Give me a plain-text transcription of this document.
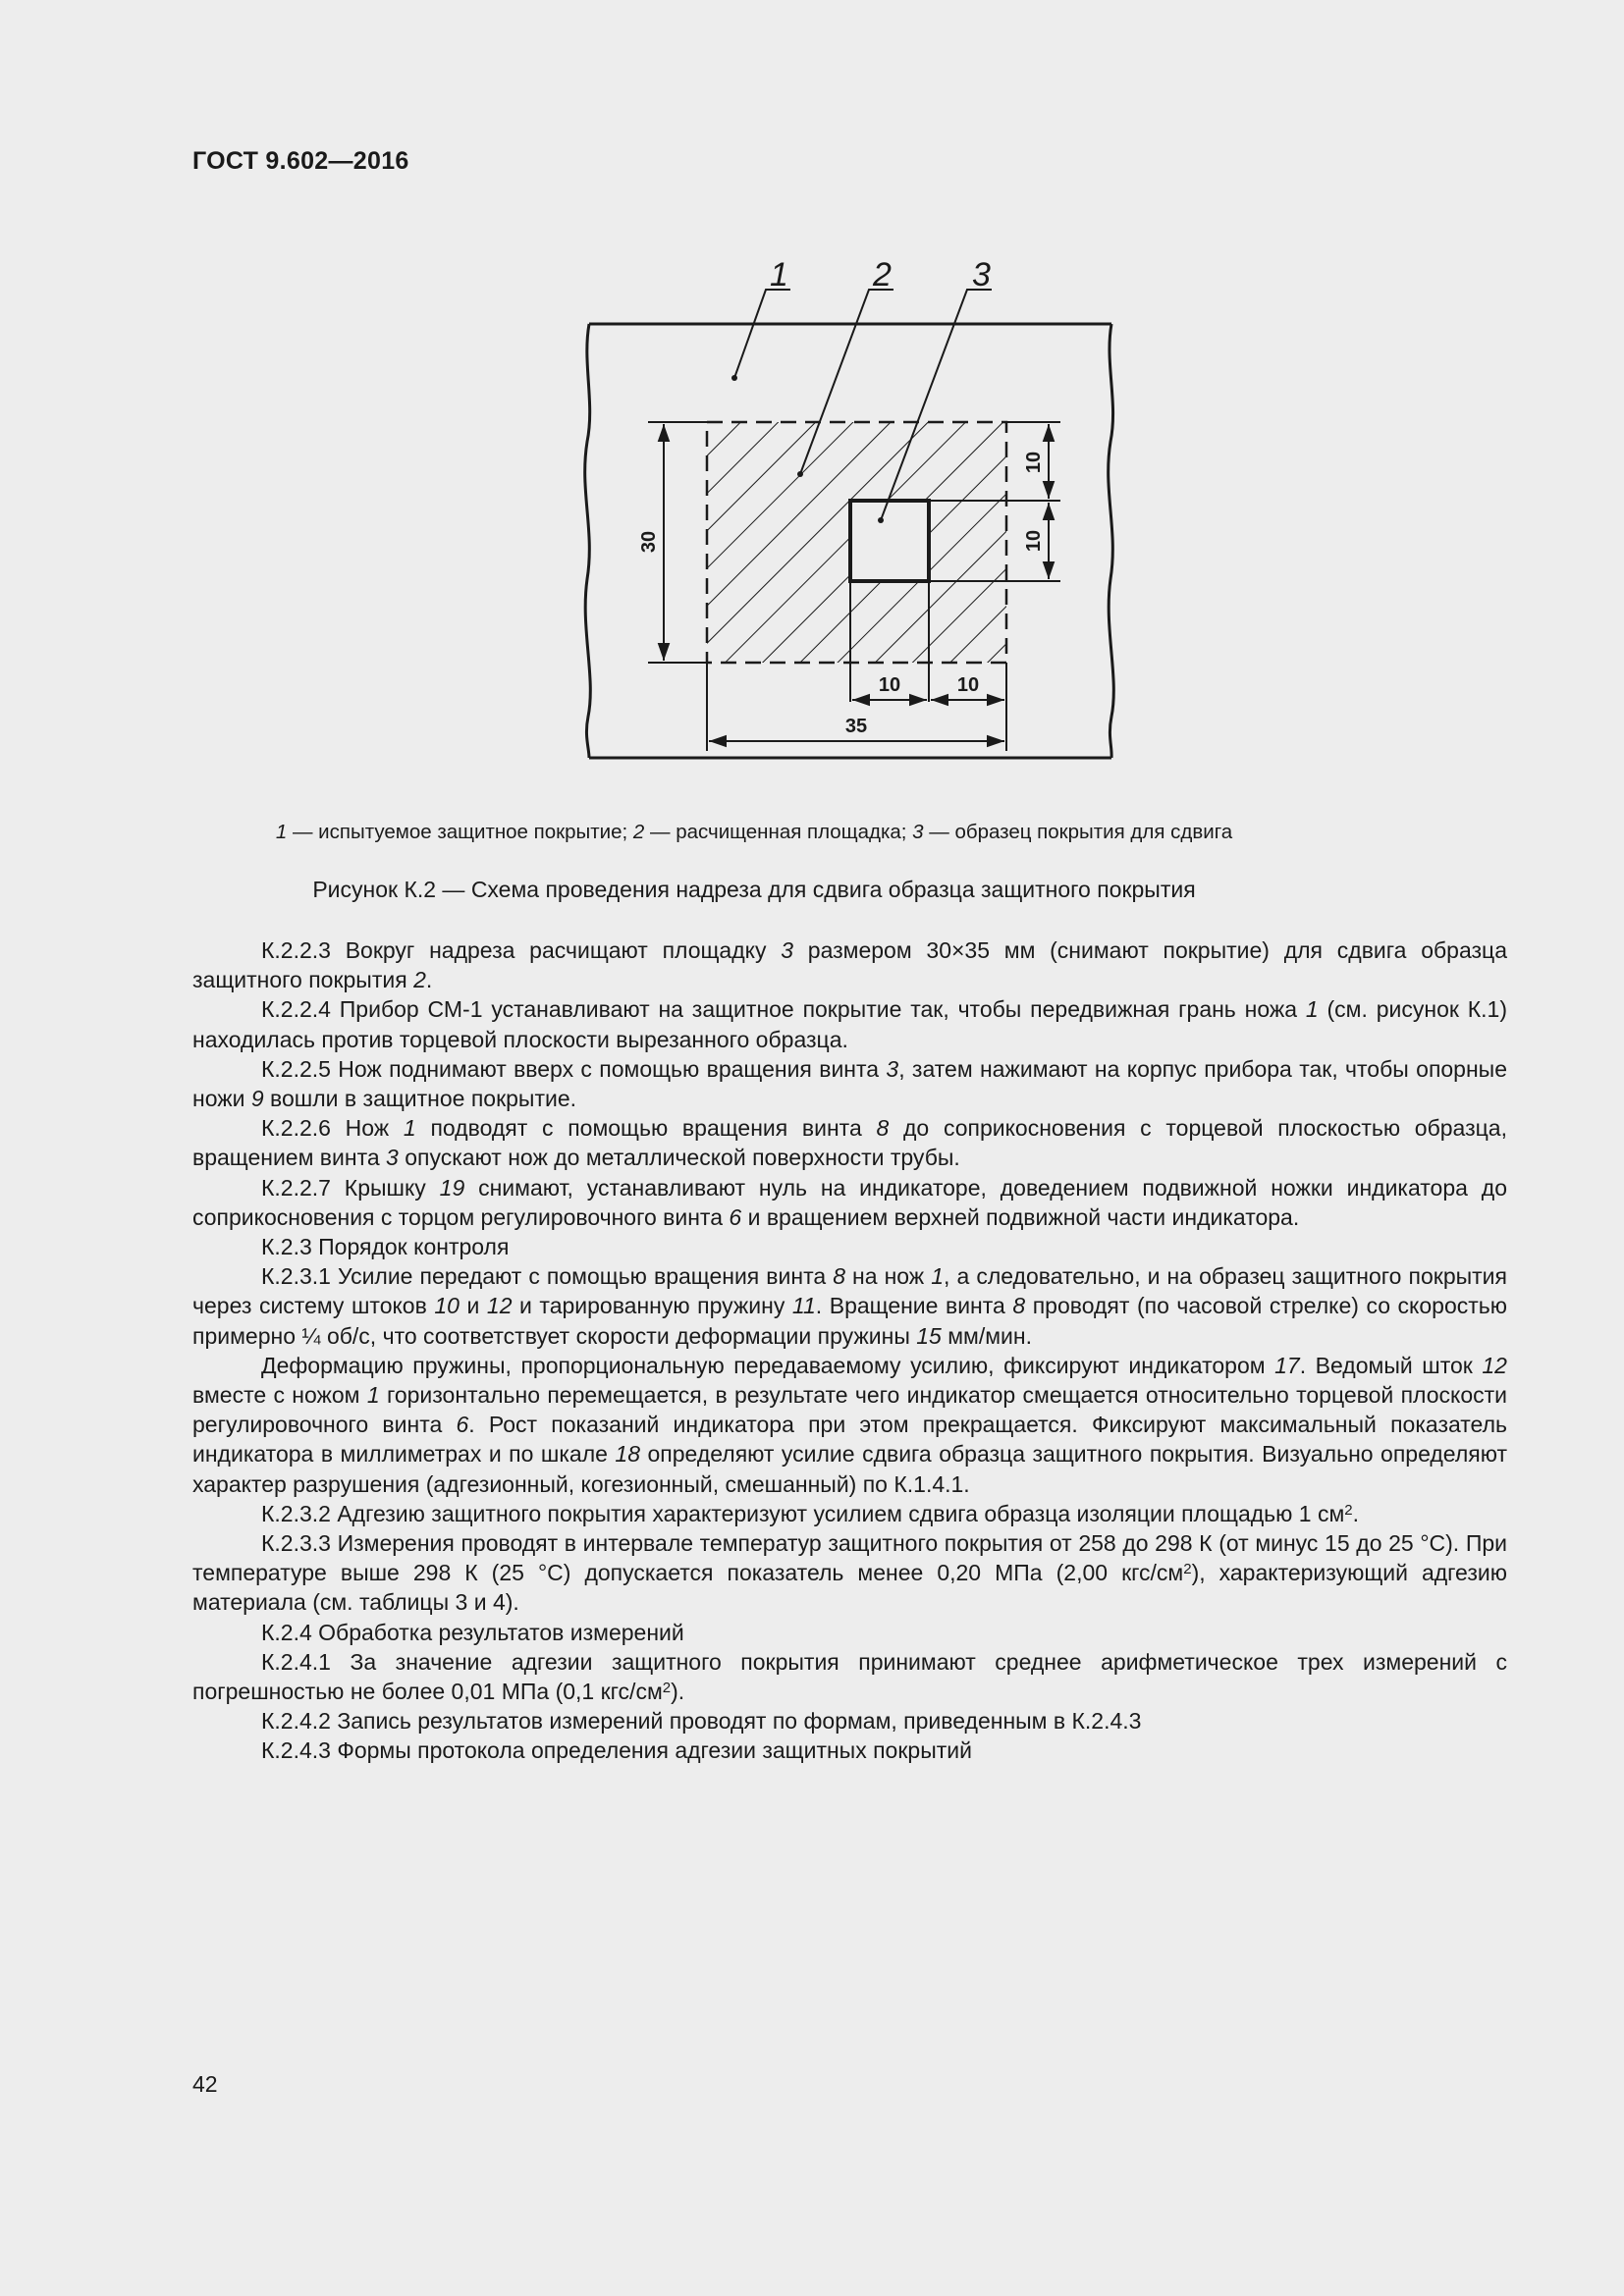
ГОСТ 9.602—2016
30
10
10
10	10
35
1	2 3
1 — испытуемое защитное покрытие; 2 — расчищенная площадка; 3 — образец покрытия для сдвига
Рисунок К.2 — Схема проведения надреза для сдвига образца защитного покрытия

К.2.2.3 Вокруг надреза расчищают площадку 3 размером 30×35 мм (снимают покрытие) для сдвига образца защитного покрытия 2.

К.2.2.4 Прибор СМ-1 устанавливают на защитное покрытие так, чтобы передвижная грань ножа 1 (см. рисунок К.1) находилась против торцевой плоскости вырезанного образца.

К.2.2.5 Нож поднимают вверх с помощью вращения винта 3, затем нажимают на корпус прибора так, чтобы опорные ножи 9 вошли в защитное покрытие.

К.2.2.6 Нож 1 подводят с помощью вращения винта 8 до соприкосновения с торцевой плоскостью образца, вращением винта 3 опускают нож до металлической поверхности трубы.

К.2.2.7 Крышку 19 снимают, устанавливают нуль на индикаторе, доведением подвижной ножки индикатора до соприкосновения с торцом регулировочного винта 6 и вращением верхней подвижной части индикатора.

К.2.3 Порядок контроля

К.2.3.1 Усилие передают с помощью вращения винта 8 на нож 1, а следовательно, и на образец защитного покрытия через систему штоков 10 и 12 и тарированную пружину 11. Вращение винта 8 проводят (по часовой стрелке) со скоростью примерно ¼ об/с, что соответствует скорости деформации пружины 15 мм/мин.

Деформацию пружины, пропорциональную передаваемому усилию, фиксируют индикатором 17. Ведомый шток 12 вместе с ножом 1 горизонтально перемещается, в результате чего индикатор смещается относительно торцевой плоскости регулировочного винта 6. Рост показаний индикатора при этом прекращается. Фиксируют максимальный показатель индикатора в миллиметрах и по шкале 18 определяют усилие сдвига образца защитного покрытия. Визуально определяют характер разрушения (адгезионный, когезионный, смешанный) по К.1.4.1.

К.2.3.2 Адгезию защитного покрытия характеризуют усилием сдвига образца изоляции площадью 1 $см^2$.

К.2.3.3 Измерения проводят в интервале температур защитного покрытия от 258 до 298 К (от минус 15 до 25 °С). При температуре выше 298 К (25 °С) допускается показатель менее 0,20 МПа (2,00 кгс/$см^2$), характеризующий адгезию материала (см. таблицы 3 и 4).

К.2.4 Обработка результатов измерений

К.2.4.1 За значение адгезии защитного покрытия принимают среднее арифметическое трех измерений с погрешностью не более 0,01 МПа (0,1 кгс/$см^2$).

К.2.4.2 Запись результатов измерений проводят по формам, приведенным в К.2.4.3

К.2.4.3 Формы протокола определения адгезии защитных покрытий

42
